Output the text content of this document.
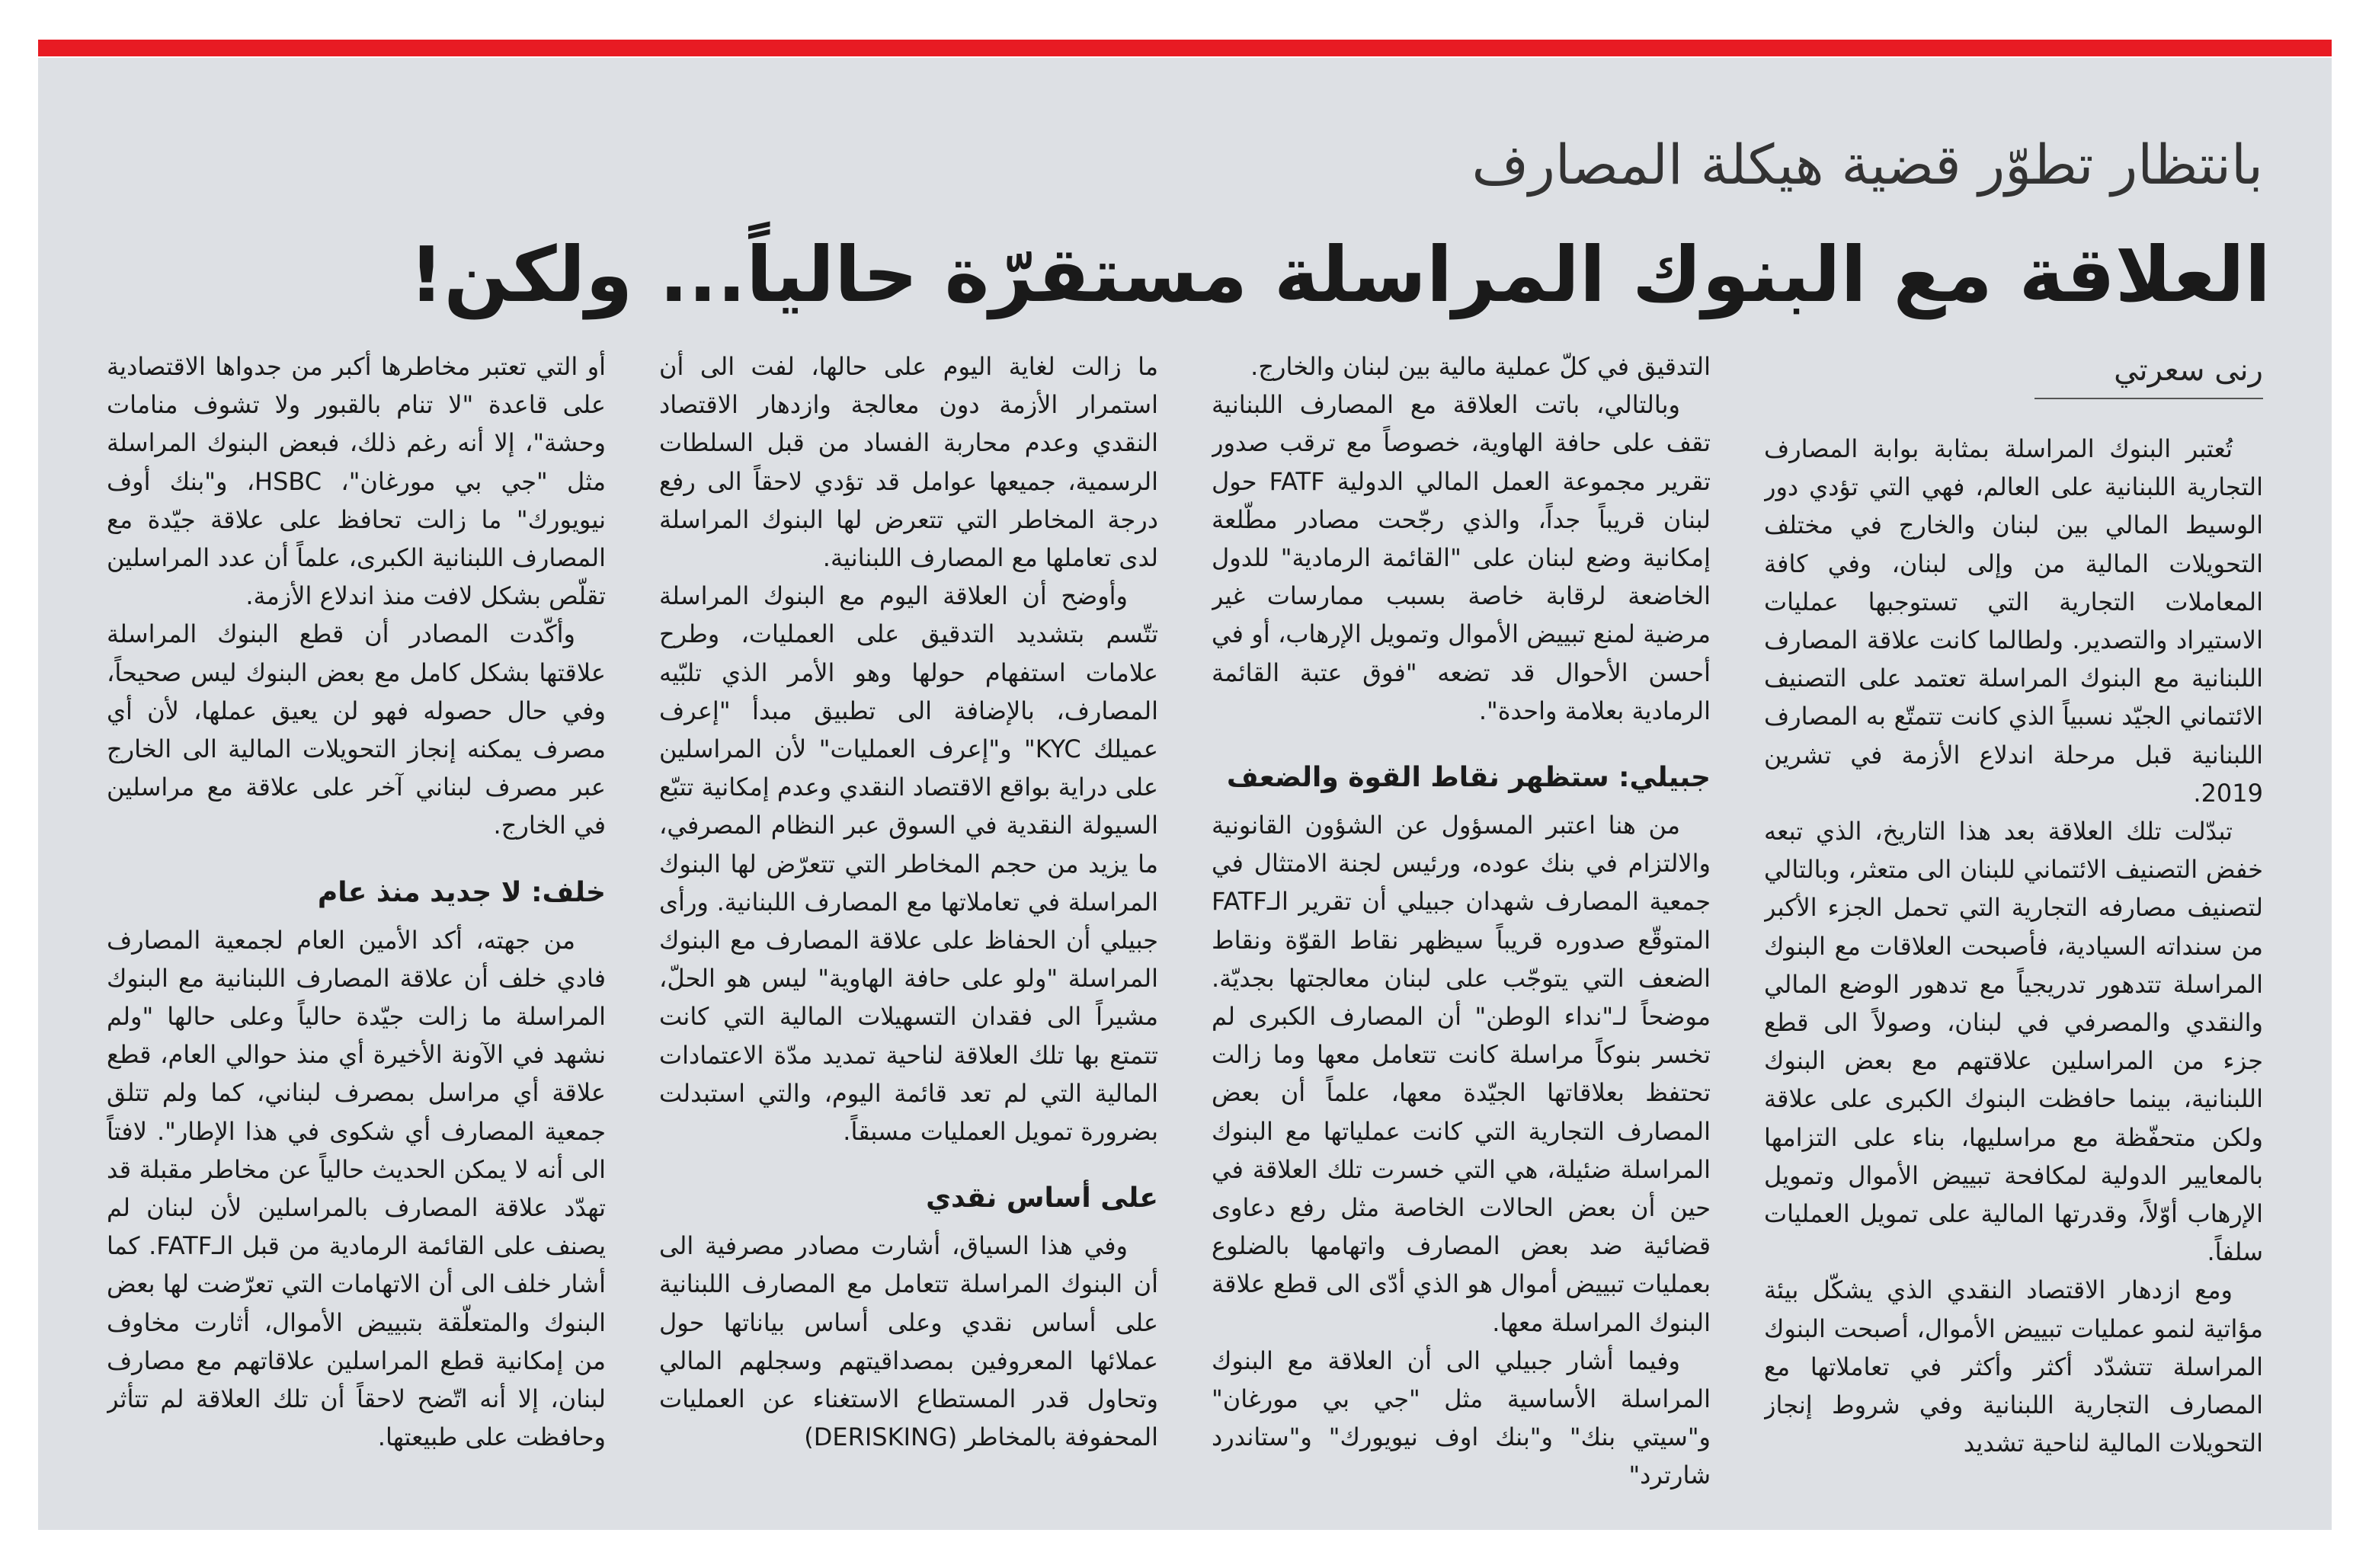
بانتظار تطوّر قضية هيكلة المصارف
العلاقة مع البنوك المراسلة مستقرّة حالياً... ولكن!
رنى سعرتي

تُعتبر البنوك المراسلة بمثابة بوابة المصارف التجارية اللبنانية على العالم، فهي التي تؤدي دور الوسيط المالي بين لبنان والخارج في مختلف التحويلات المالية من وإلى لبنان، وفي كافة المعاملات التجارية التي تستوجبها عمليات الاستيراد والتصدير. ولطالما كانت علاقة المصارف اللبنانية مع البنوك المراسلة تعتمد على التصنيف الائتماني الجيّد نسبياً الذي كانت تتمتّع به المصارف اللبنانية قبل مرحلة اندلاع الأزمة في تشرين 2019.

تبدّلت تلك العلاقة بعد هذا التاريخ، الذي تبعه خفض التصنيف الائتماني للبنان الى متعثر، وبالتالي لتصنيف مصارفه التجارية التي تحمل الجزء الأكبر من سنداته السيادية، فأصبحت العلاقات مع البنوك المراسلة تتدهور تدريجياً مع تدهور الوضع المالي والنقدي والمصرفي في لبنان، وصولاً الى قطع جزء من المراسلين علاقتهم مع بعض البنوك اللبنانية، بينما حافظت البنوك الكبرى على علاقة ولكن متحفّظة مع مراسليها، بناء على التزامها بالمعايير الدولية لمكافحة تبييض الأموال وتمويل الإرهاب أوّلاً، وقدرتها المالية على تمويل العمليات سلفاً.

ومع ازدهار الاقتصاد النقدي الذي يشكّل بيئة مؤاتية لنمو عمليات تبييض الأموال، أصبحت البنوك المراسلة تتشدّد أكثر وأكثر في تعاملاتها مع المصارف التجارية اللبنانية وفي شروط إنجاز التحويلات المالية لناحية تشديد

التدقيق في كلّ عملية مالية بين لبنان والخارج.

وبالتالي، باتت العلاقة مع المصارف اللبنانية تقف على حافة الهاوية، خصوصاً مع ترقب صدور تقرير مجموعة العمل المالي الدولية FATF حول لبنان قريباً جداً، والذي رجّحت مصادر مطّلعة إمكانية وضع لبنان على "القائمة الرمادية" للدول الخاضعة لرقابة خاصة بسبب ممارسات غير مرضية لمنع تبييض الأموال وتمويل الإرهاب، أو في أحسن الأحوال قد تضعه "فوق عتبة القائمة الرمادية بعلامة واحدة".

جبيلي: ستظهر نقاط القوة والضعف

من هنا اعتبر المسؤول عن الشؤون القانونية والالتزام في بنك عوده، ورئيس لجنة الامتثال في جمعية المصارف شهدان جبيلي أن تقرير الـFATF المتوقّع صدوره قريباً سيظهر نقاط القوّة ونقاط الضعف التي يتوجّب على لبنان معالجتها بجديّة. موضحاً لـ"نداء الوطن" أن المصارف الكبرى لم تخسر بنوكاً مراسلة كانت تتعامل معها وما زالت تحتفظ بعلاقاتها الجيّدة معها، علماً أن بعض المصارف التجارية التي كانت عملياتها مع البنوك المراسلة ضئيلة، هي التي خسرت تلك العلاقة في حين أن بعض الحالات الخاصة مثل رفع دعاوى قضائية ضد بعض المصارف واتهامها بالضلوع بعمليات تبييض أموال هو الذي أدّى الى قطع علاقة البنوك المراسلة معها.

وفيما أشار جبيلي الى أن العلاقة مع البنوك المراسلة الأساسية مثل "جي بي مورغان" و"سيتي بنك" و"بنك اوف نيويورك" و"ستاندرد شارترد"

ما زالت لغاية اليوم على حالها، لفت الى أن استمرار الأزمة دون معالجة وازدهار الاقتصاد النقدي وعدم محاربة الفساد من قبل السلطات الرسمية، جميعها عوامل قد تؤدي لاحقاً الى رفع درجة المخاطر التي تتعرض لها البنوك المراسلة لدى تعاملها مع المصارف اللبنانية.

وأوضح أن العلاقة اليوم مع البنوك المراسلة تتّسم بتشديد التدقيق على العمليات، وطرح علامات استفهام حولها وهو الأمر الذي تلبّيه المصارف، بالإضافة الى تطبيق مبدأ "إعرف عميلك KYC" و"إعرف العمليات" لأن المراسلين على دراية بواقع الاقتصاد النقدي وعدم إمكانية تتبّع السيولة النقدية في السوق عبر النظام المصرفي، ما يزيد من حجم المخاطر التي تتعرّض لها البنوك المراسلة في تعاملاتها مع المصارف اللبنانية. ورأى جبيلي أن الحفاظ على علاقة المصارف مع البنوك المراسلة "ولو على حافة الهاوية" ليس هو الحلّ، مشيراً الى فقدان التسهيلات المالية التي كانت تتمتع بها تلك العلاقة لناحية تمديد مدّة الاعتمادات المالية التي لم تعد قائمة اليوم، والتي استبدلت بضرورة تمويل العمليات مسبقاً.

على أساس نقدي

وفي هذا السياق، أشارت مصادر مصرفية الى أن البنوك المراسلة تتعامل مع المصارف اللبنانية على أساس نقدي وعلى أساس بياناتها حول عملائها المعروفين بمصداقيتهم وسجلهم المالي وتحاول قدر المستطاع الاستغناء عن العمليات المحفوفة بالمخاطر (DERISKING)

أو التي تعتبر مخاطرها أكبر من جدواها الاقتصادية على قاعدة "لا تنام بالقبور ولا تشوف منامات وحشة"، إلا أنه رغم ذلك، فبعض البنوك المراسلة مثل "جي بي مورغان"، HSBC، و"بنك أوف نيويورك" ما زالت تحافظ على علاقة جيّدة مع المصارف اللبنانية الكبرى، علماً أن عدد المراسلين تقلّص بشكل لافت منذ اندلاع الأزمة.

وأكّدت المصادر أن قطع البنوك المراسلة علاقتها بشكل كامل مع بعض البنوك ليس صحيحاً، وفي حال حصوله فهو لن يعيق عملها، لأن أي مصرف يمكنه إنجاز التحويلات المالية الى الخارج عبر مصرف لبناني آخر على علاقة مع مراسلين في الخارج.

خلف: لا جديد منذ عام

من جهته، أكد الأمين العام لجمعية المصارف فادي خلف أن علاقة المصارف اللبنانية مع البنوك المراسلة ما زالت جيّدة حالياً وعلى حالها "ولم نشهد في الآونة الأخيرة أي منذ حوالي العام، قطع علاقة أي مراسل بمصرف لبناني، كما ولم تتلق جمعية المصارف أي شكوى في هذا الإطار". لافتاً الى أنه لا يمكن الحديث حالياً عن مخاطر مقبلة قد تهدّد علاقة المصارف بالمراسلين لأن لبنان لم يصنف على القائمة الرمادية من قبل الـFATF. كما أشار خلف الى أن الاتهامات التي تعرّضت لها بعض البنوك والمتعلّقة بتبييض الأموال، أثارت مخاوف من إمكانية قطع المراسلين علاقاتهم مع مصارف لبنان، إلا أنه اتّضح لاحقاً أن تلك العلاقة لم تتأثر وحافظت على طبيعتها.
